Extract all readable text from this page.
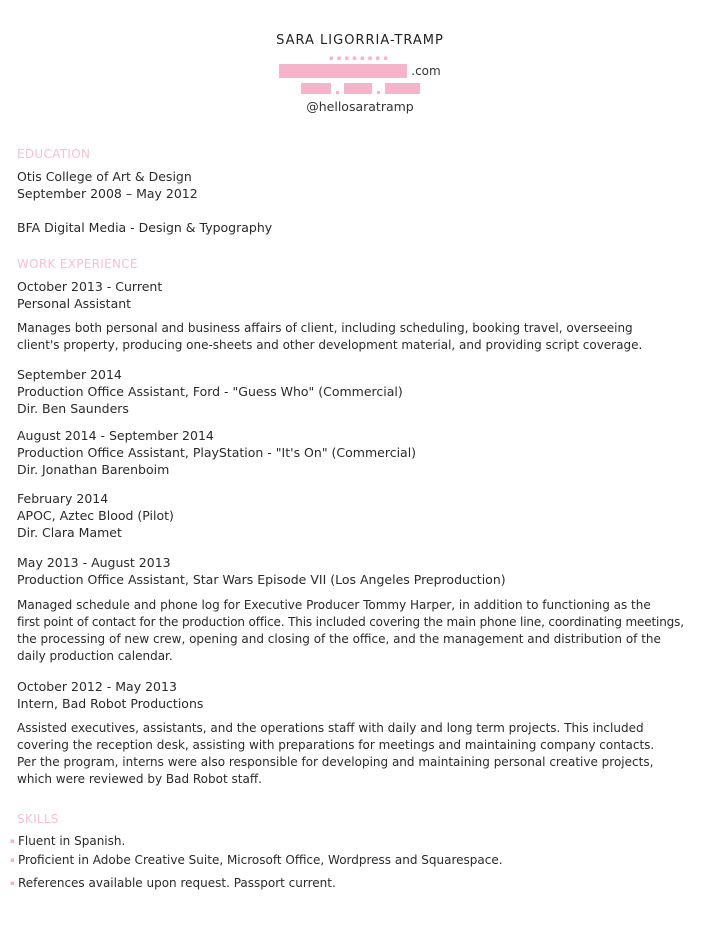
SARA LIGORRIA-TRAMP
▪▪▪▪▪▪▪▪
.com
@hellosaratramp
EDUCATION
Otis College of Art & Design
September 2008 – May 2012
BFA Digital Media - Design & Typography
WORK EXPERIENCE
October 2013 - Current
Personal Assistant
Manages both personal and business affairs of client, including scheduling, booking travel, overseeing
client's property, producing one-sheets and other development material, and providing script coverage.
September 2014
Production Office Assistant, Ford - "Guess Who" (Commercial)
Dir. Ben Saunders
August 2014 - September 2014
Production Office Assistant, PlayStation - "It's On" (Commercial)
Dir. Jonathan Barenboim
February 2014
APOC, Aztec Blood (Pilot)
Dir. Clara Mamet
May 2013 - August 2013
Production Office Assistant, Star Wars Episode VII (Los Angeles Preproduction)
Managed schedule and phone log for Executive Producer Tommy Harper, in addition to functioning as the
first point of contact for the production office. This included covering the main phone line, coordinating meetings,
the processing of new crew, opening and closing of the office, and the management and distribution of the
daily production calendar.
October 2012 - May 2013
Intern, Bad Robot Productions
Assisted executives, assistants, and the operations staff with daily and long term projects. This included
covering the reception desk, assisting with preparations for meetings and maintaining company contacts.
Per the program, interns were also responsible for developing and maintaining personal creative projects,
which were reviewed by Bad Robot staff.
SKILLS
▪ Fluent in Spanish.
▪ Proficient in Adobe Creative Suite, Microsoft Office, Wordpress and Squarespace.
▪ References available upon request. Passport current.
